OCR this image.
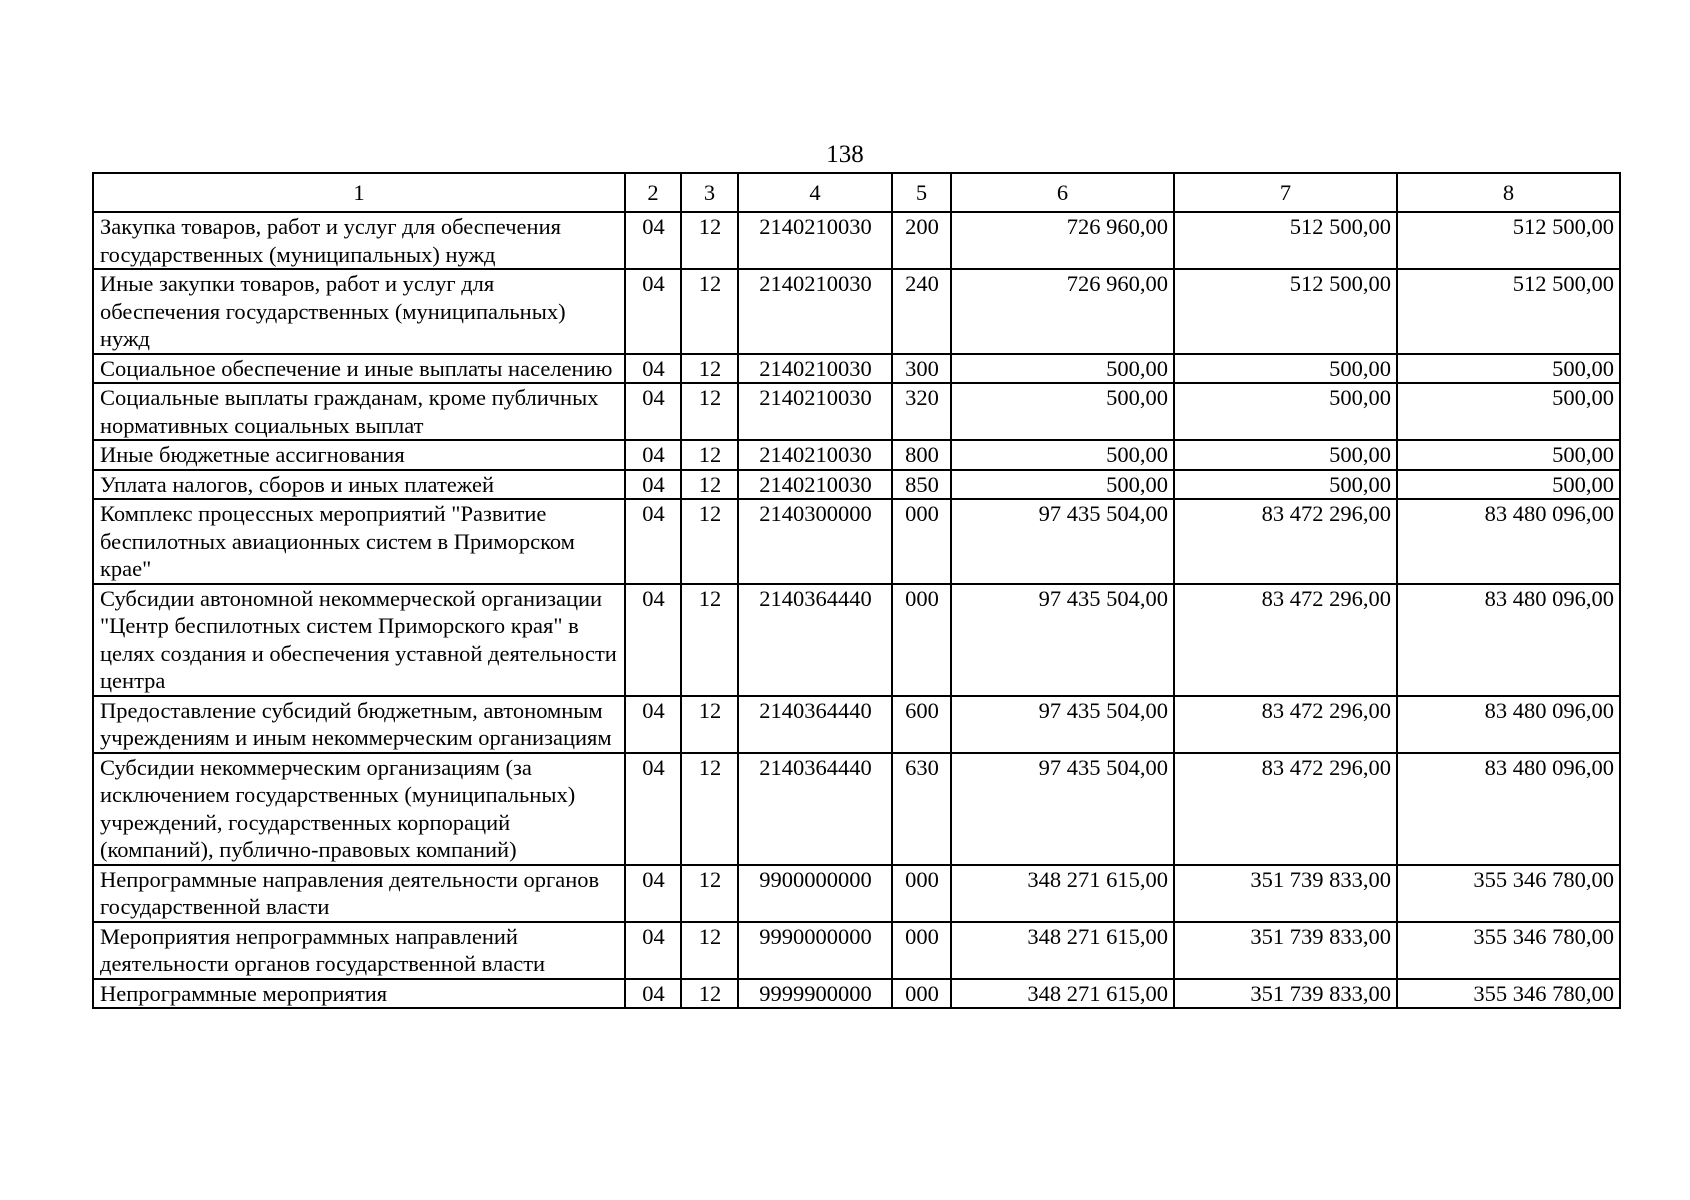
138
1	2	3	4	5	6	7	8
Закупка товаров, работ и услуг для обеспечения государственных (муниципальных) нужд	04	12	2140210030	200	726 960,00	512 500,00	512 500,00
Иные закупки товаров, работ и услуг для обеспечения государственных (муниципальных) нужд	04	12	2140210030	240	726 960,00	512 500,00	512 500,00
Социальное обеспечение и иные выплаты населению	04	12	2140210030	300	500,00	500,00	500,00
Социальные выплаты гражданам, кроме публичных нормативных социальных выплат	04	12	2140210030	320	500,00	500,00	500,00
Иные бюджетные ассигнования	04	12	2140210030	800	500,00	500,00	500,00
Уплата налогов, сборов и иных платежей	04	12	2140210030	850	500,00	500,00	500,00
Комплекс процессных мероприятий "Развитие беспилотных авиационных систем в Приморском крае"	04	12	2140300000	000	97 435 504,00	83 472 296,00	83 480 096,00
Субсидии автономной некоммерческой организации "Центр беспилотных систем Приморского края" в целях создания и обеспечения уставной деятельности центра	04	12	2140364440	000	97 435 504,00	83 472 296,00	83 480 096,00
Предоставление субсидий бюджетным, автономным учреждениям и иным некоммерческим организациям	04	12	2140364440	600	97 435 504,00	83 472 296,00	83 480 096,00
Субсидии некоммерческим организациям (за исключением государственных (муниципальных) учреждений, государственных корпораций (компаний), публично-правовых компаний)	04	12	2140364440	630	97 435 504,00	83 472 296,00	83 480 096,00
Непрограммные направления деятельности органов государственной власти	04	12	9900000000	000	348 271 615,00	351 739 833,00	355 346 780,00
Мероприятия непрограммных направлений деятельности органов государственной власти	04	12	9990000000	000	348 271 615,00	351 739 833,00	355 346 780,00
Непрограммные мероприятия	04	12	9999900000	000	348 271 615,00	351 739 833,00	355 346 780,00
